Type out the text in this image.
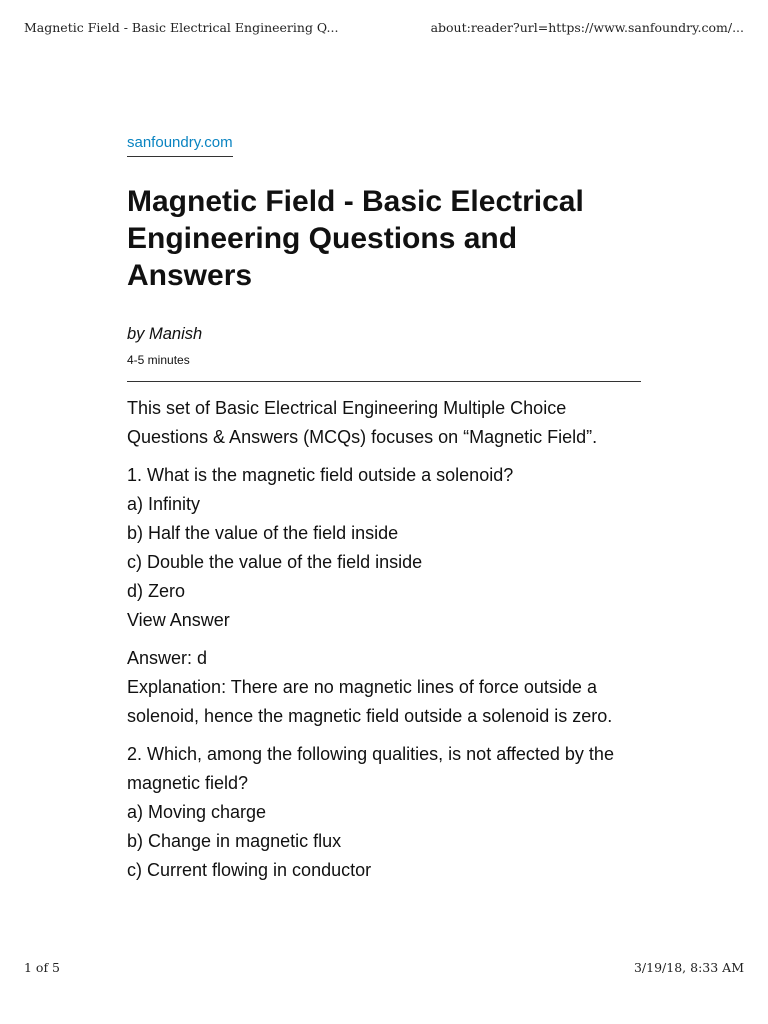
Magnetic Field - Basic Electrical Engineering Q...	about:reader?url=https://www.sanfoundry.com/...
sanfoundry.com
Magnetic Field - Basic Electrical Engineering Questions and Answers
by Manish
4-5 minutes

This set of Basic Electrical Engineering Multiple Choice Questions & Answers (MCQs) focuses on “Magnetic Field”.

1. What is the magnetic field outside a solenoid?
a) Infinity
b) Half the value of the field inside
c) Double the value of the field inside
d) Zero
View Answer

Answer: d
Explanation: There are no magnetic lines of force outside a solenoid, hence the magnetic field outside a solenoid is zero.

2. Which, among the following qualities, is not affected by the magnetic field?
a) Moving charge
b) Change in magnetic flux
c) Current flowing in conductor

1 of 5	3/19/18, 8:33 AM
